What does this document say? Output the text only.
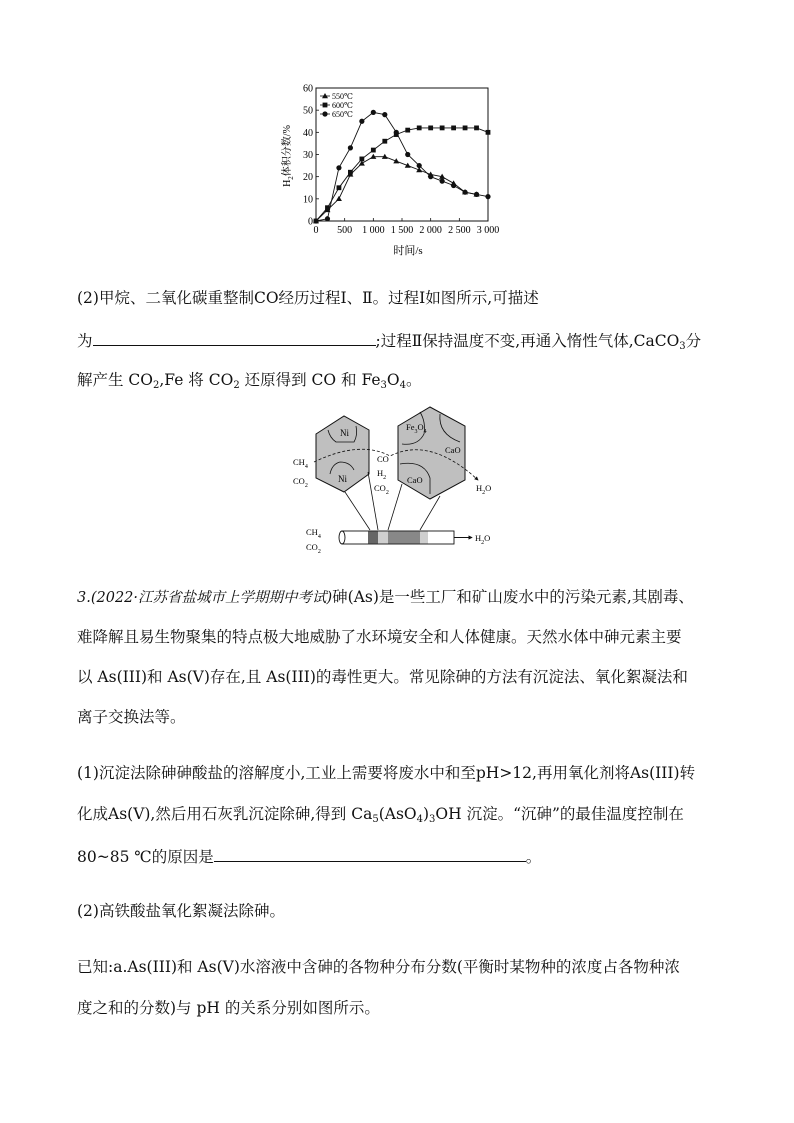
0
10
20
30
40
50
60
0 500 1 000 1 500 2 000 2 500 3 000
550℃
600℃
650℃
时间/s
$H_2$体积分数/%
(2)甲烷、二氧化碳重整制CO经历过程Ⅰ、Ⅱ。过程Ⅰ如图所示,可描述
为	;过程Ⅱ保持温度不变,再通入惰性气体,CaCO$_3$分
解产生 $CO_2,Fe$ 将 $CO_2$ 还原得到 CO 和 $Fe_3O_4$。
Ni
Ni
$Fe_3O_4$
CaO
CaO
$CH_4$
$CO_2$
CO
$H_2$
$CO_2$	$H_2O$
$CH_4$
$CO_2$
$H_2O$
3.(2022·江苏省盐城市上学期期中考试)砷(As)是一些工厂和矿山废水中的污染元素,其剧毒、
难降解且易生物聚集的特点极大地威胁了水环境安全和人体健康。天然水体中砷元素主要
以 As(III)和 As(V)存在,且 As(III)的毒性更大。常见除砷的方法有沉淀法、氧化絮凝法和
离子交换法等。
(1)沉淀法除砷砷酸盐的溶解度小,工业上需要将废水中和至pH>12,再用氧化剂将As(III)转
化成As(V),然后用石灰乳沉淀除砷,得到 $Ca_5(AsO_4)_3OH$ 沉淀。“沉砷”的最佳温度控制在
80~85 ℃的原因是	。
(2)高铁酸盐氧化絮凝法除砷。
已知:a.As(III)和 As(V)水溶液中含砷的各物种分布分数(平衡时某物种的浓度占各物种浓
度之和的分数)与 pH 的关系分别如图所示。
